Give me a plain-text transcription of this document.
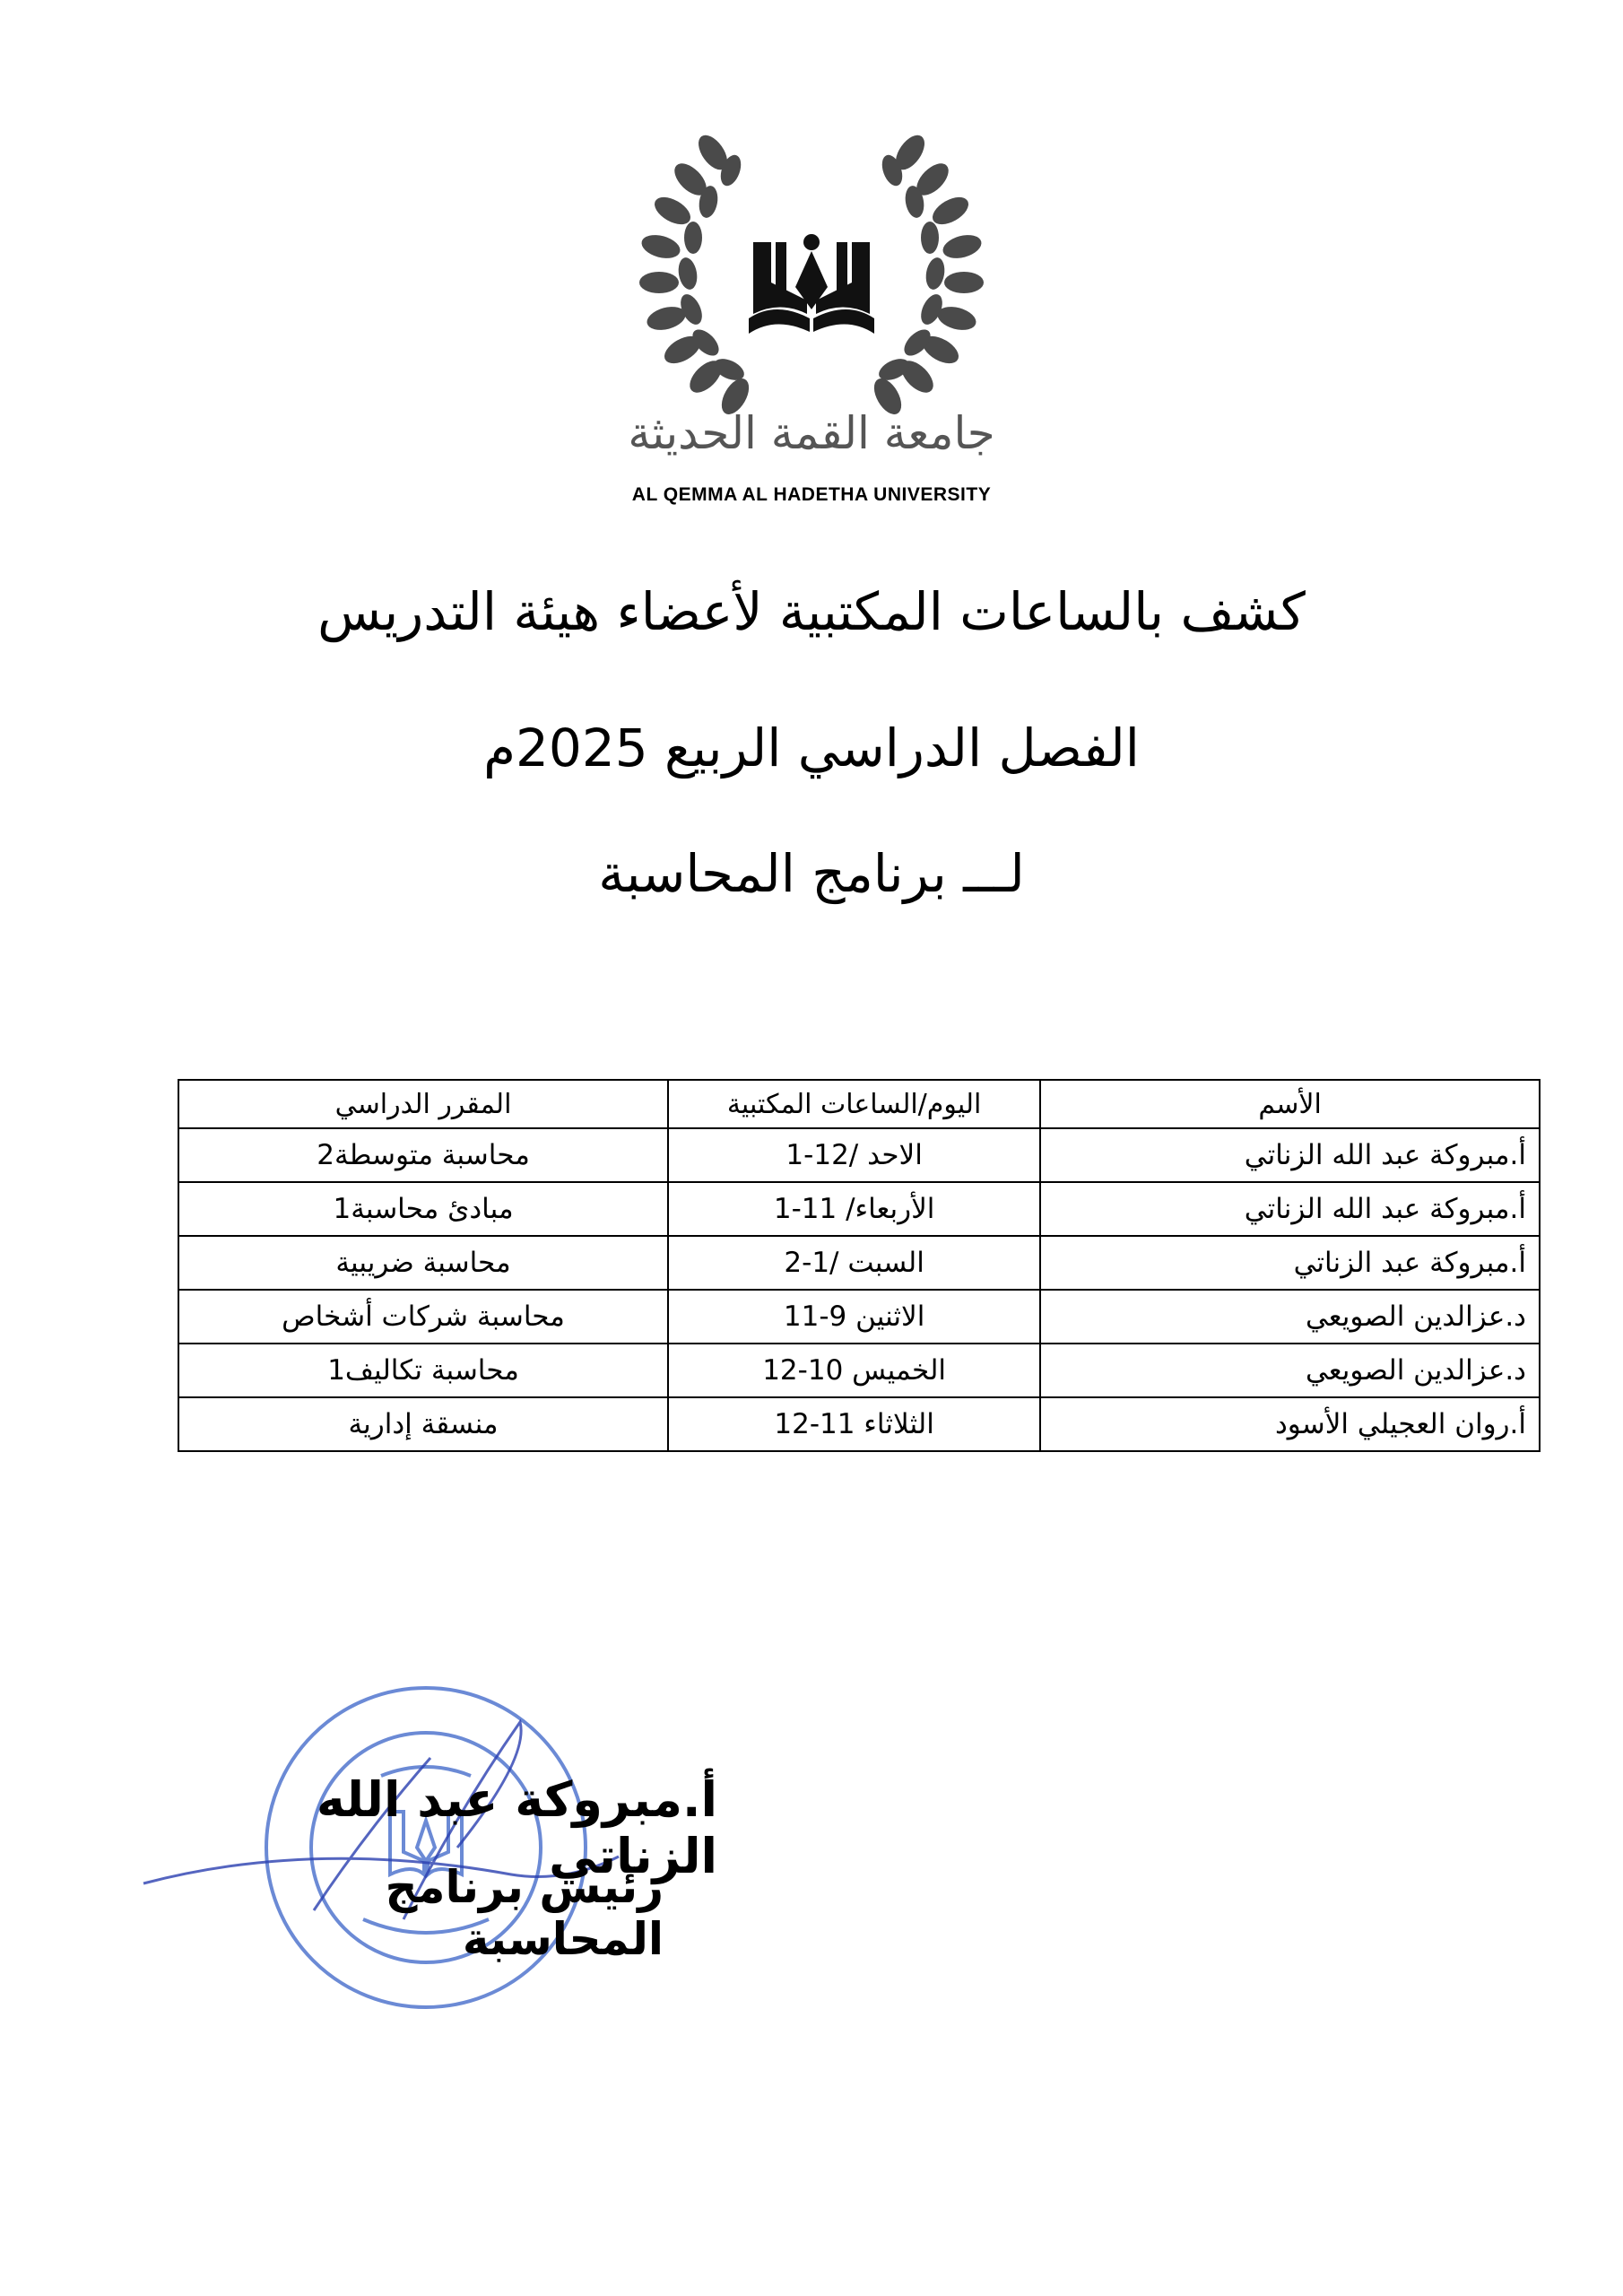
جامعة القمة الحديثة
AL QEMMA AL HADETHA UNIVERSITY
كشف بالساعات المكتبية لأعضاء هيئة التدريس
الفصل الدراسي الربيع 2025م
لـــ برنامج المحاسبة
الأسم	اليوم/الساعات المكتبية	المقرر الدراسي
أ.مبروكة عبد الله الزناتي	الاحد /12-1	محاسبة متوسطة2
أ.مبروكة عبد الله الزناتي	الأربعاء/ 11-1	مبادئ محاسبة1
أ.مبروكة عبد الزناتي	السبت /1-2	محاسبة ضريبية
د.عزالدين الصويعي	الاثنين 9-11	محاسبة شركات أشخاص
د.عزالدين الصويعي	الخميس 10-12	محاسبة تكاليف1
أ.روان العجيلي الأسود	الثلاثاء 11-12	منسقة إدارية
أ.مبروكة عبد الله الزناتي
رئيس برنامج المحاسبة
